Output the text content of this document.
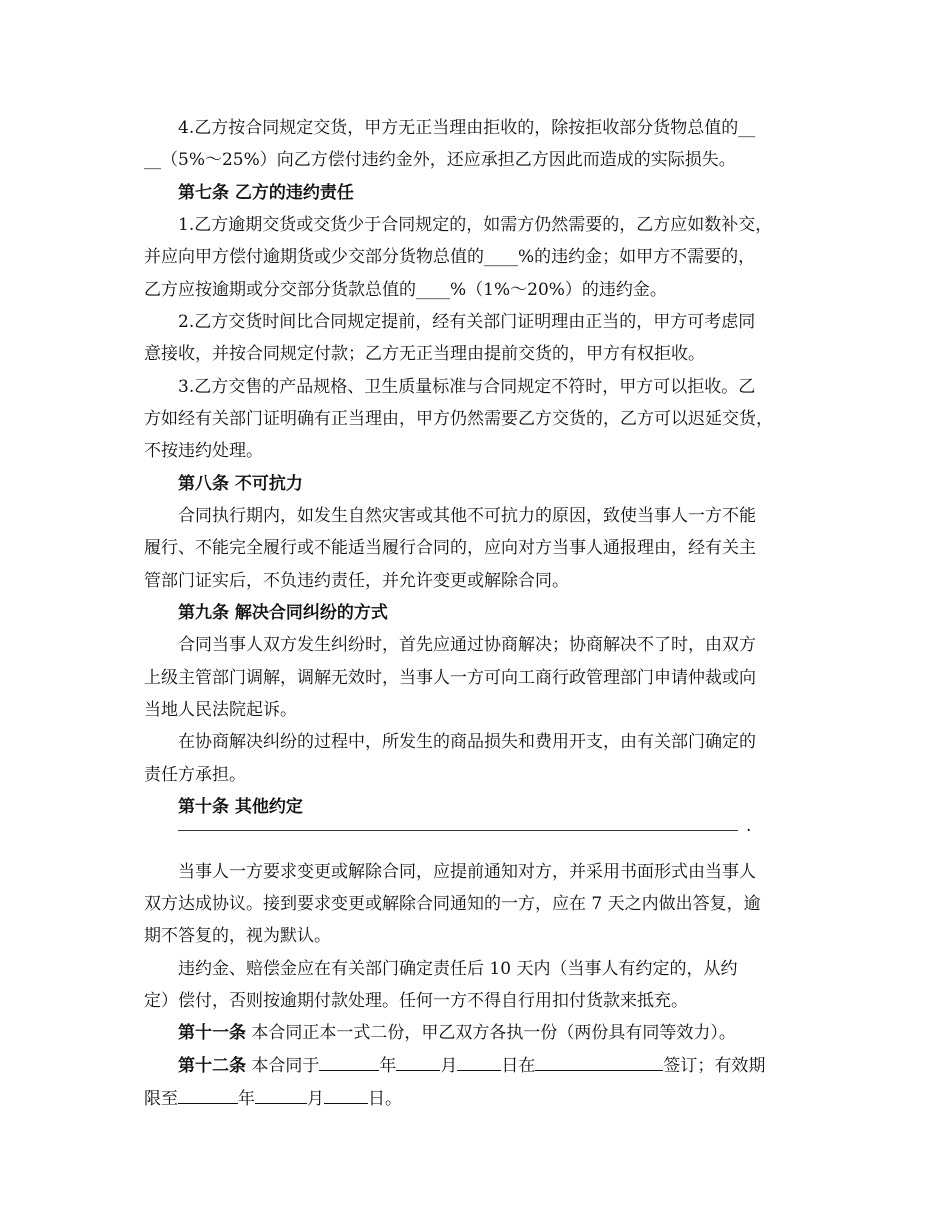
4.乙方按合同规定交货，甲方无正当理由拒收的，除按拒收部分货物总值的__

__（5%～25%）向乙方偿付违约金外，还应承担乙方因此而造成的实际损失。

第七条 乙方的违约责任

1.乙方逾期交货或交货少于合同规定的，如需方仍然需要的，乙方应如数补交，

并应向甲方偿付逾期货或少交部分货物总值的____%的违约金；如甲方不需要的，

乙方应按逾期或分交部分货款总值的____%（1%～20%）的违约金。

2.乙方交货时间比合同规定提前，经有关部门证明理由正当的，甲方可考虑同

意接收，并按合同规定付款；乙方无正当理由提前交货的，甲方有权拒收。

3.乙方交售的产品规格、卫生质量标准与合同规定不符时，甲方可以拒收。乙

方如经有关部门证明确有正当理由，甲方仍然需要乙方交货的，乙方可以迟延交货，

不按违约处理。

第八条 不可抗力

合同执行期内，如发生自然灾害或其他不可抗力的原因，致使当事人一方不能

履行、不能完全履行或不能适当履行合同的，应向对方当事人通报理由，经有关主

管部门证实后，不负违约责任，并允许变更或解除合同。

第九条 解决合同纠纷的方式

合同当事人双方发生纠纷时，首先应通过协商解决；协商解决不了时，由双方

上级主管部门调解，调解无效时，当事人一方可向工商行政管理部门申请仲裁或向

当地人民法院起诉。

在协商解决纠纷的过程中，所发生的商品损失和费用开支，由有关部门确定的

责任方承担。

第十条 其他约定

.

当事人一方要求变更或解除合同，应提前通知对方，并采用书面形式由当事人

双方达成协议。接到要求变更或解除合同通知的一方，应在 7 天之内做出答复，逾

期不答复的，视为默认。

违约金、赔偿金应在有关部门确定责任后 10 天内（当事人有约定的，从约

定）偿付，否则按逾期付款处理。任何一方不得自行用扣付货款来抵充。

第十一条 本合同正本一式二份，甲乙双方各执一份（两份具有同等效力）。

第十二条 本合同于	年	月	日在	签订；有效期

限至	年	月	日。
